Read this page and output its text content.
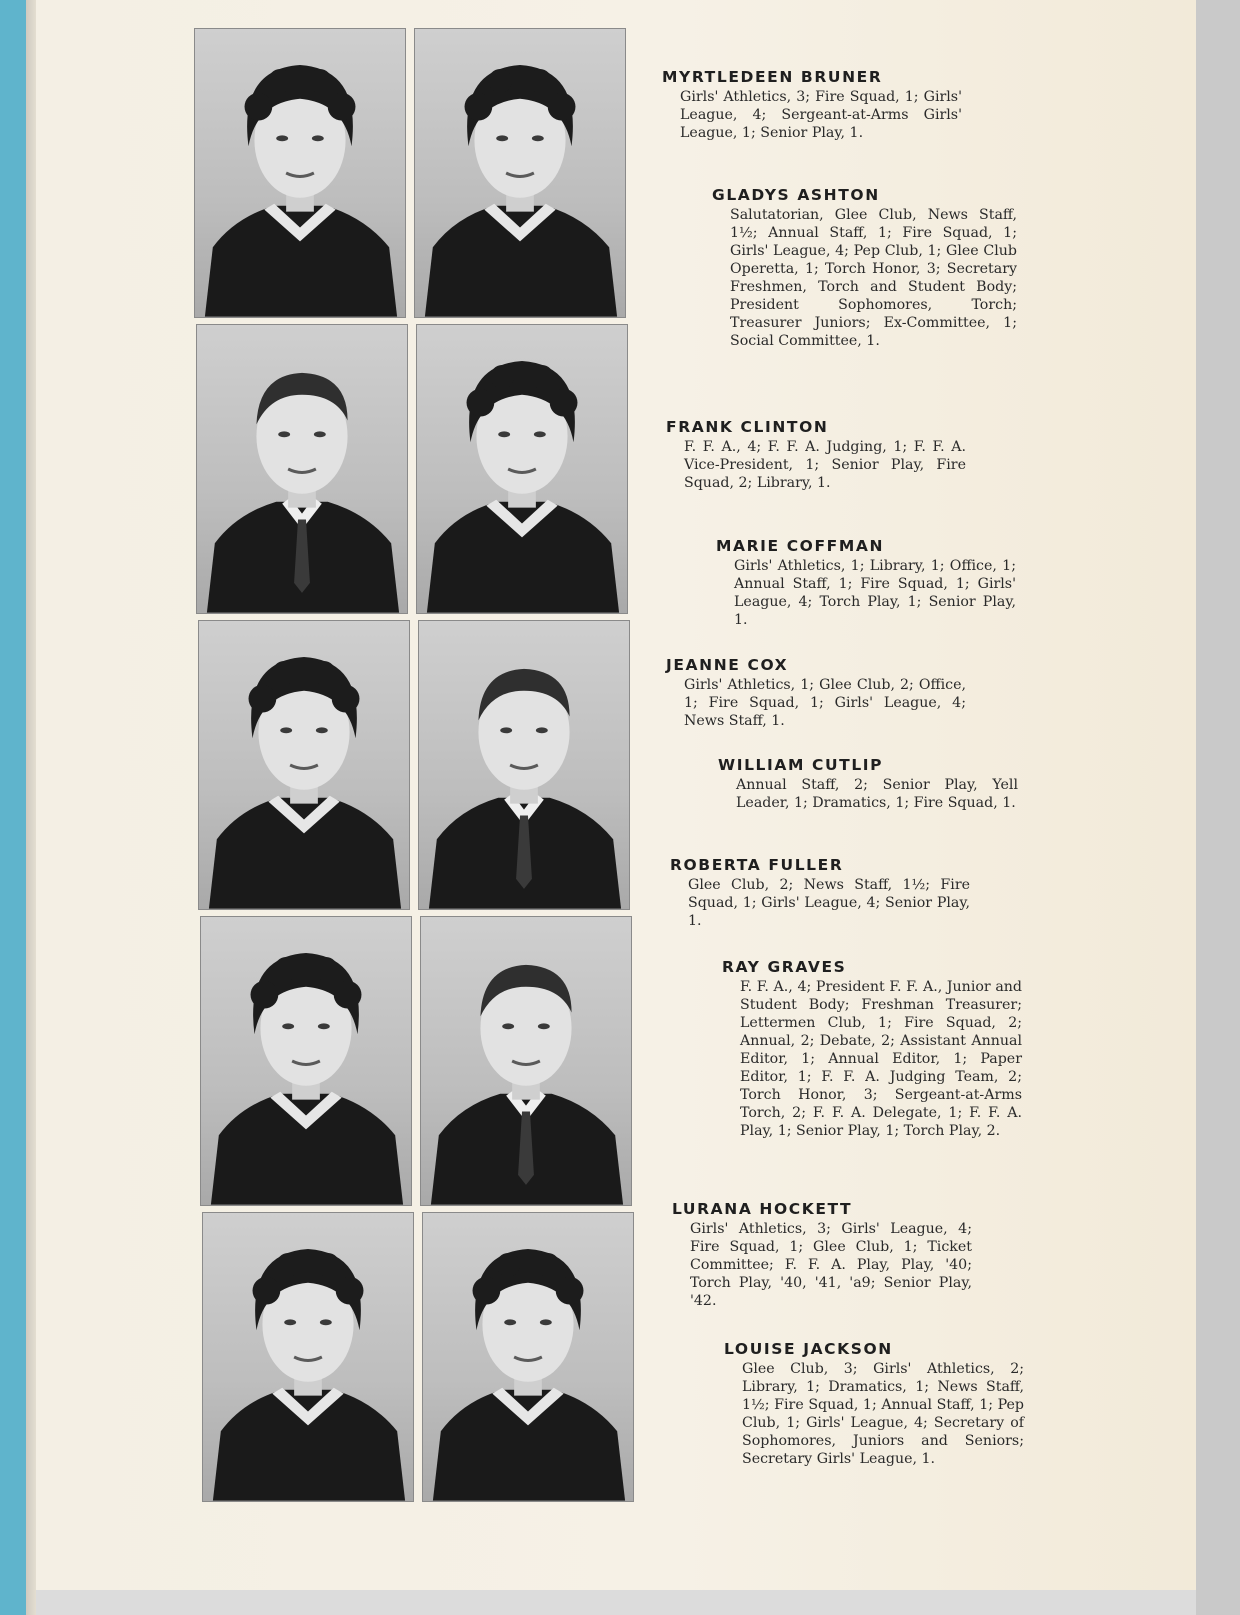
MYRTLEDEEN BRUNER
Girls' Athletics, 3; Fire Squad, 1; Girls' League, 4; Sergeant-at-Arms Girls' League, 1; Senior Play, 1.
GLADYS ASHTON
Salutatorian, Glee Club, News Staff, 1½; Annual Staff, 1; Fire Squad, 1; Girls' League, 4; Pep Club, 1; Glee Club Operetta, 1; Torch Honor, 3; Secretary Freshmen, Torch and Student Body; President Sophomores, Torch; Treasurer Juniors; Ex-Committee, 1; Social Committee, 1.
FRANK CLINTON
F. F. A., 4; F. F. A. Judging, 1; F. F. A. Vice-President, 1; Senior Play, Fire Squad, 2; Library, 1.
MARIE COFFMAN
Girls' Athletics, 1; Library, 1; Office, 1; Annual Staff, 1; Fire Squad, 1; Girls' League, 4; Torch Play, 1; Senior Play, 1.
JEANNE COX
Girls' Athletics, 1; Glee Club, 2; Office, 1; Fire Squad, 1; Girls' League, 4; News Staff, 1.
WILLIAM CUTLIP
Annual Staff, 2; Senior Play, Yell Leader, 1; Dramatics, 1; Fire Squad, 1.
ROBERTA FULLER
Glee Club, 2; News Staff, 1½; Fire Squad, 1; Girls' League, 4; Senior Play, 1.
RAY GRAVES
F. F. A., 4; President F. F. A., Junior and Student Body; Freshman Treasurer; Lettermen Club, 1; Fire Squad, 2; Annual, 2; Debate, 2; Assistant Annual Editor, 1; Annual Editor, 1; Paper Editor, 1; F. F. A. Judging Team, 2; Torch Honor, 3; Sergeant-at-Arms Torch, 2; F. F. A. Delegate, 1; F. F. A. Play, 1; Senior Play, 1; Torch Play, 2.
LURANA HOCKETT
Girls' Athletics, 3; Girls' League, 4; Fire Squad, 1; Glee Club, 1; Ticket Committee; F. F. A. Play, Play, '40; Torch Play, '40, '41, 'a9; Senior Play, '42.
LOUISE JACKSON
Glee Club, 3; Girls' Athletics, 2; Library, 1; Dramatics, 1; News Staff, 1½; Fire Squad, 1; Annual Staff, 1; Pep Club, 1; Girls' League, 4; Secretary of Sophomores, Juniors and Seniors; Secretary Girls' League, 1.
